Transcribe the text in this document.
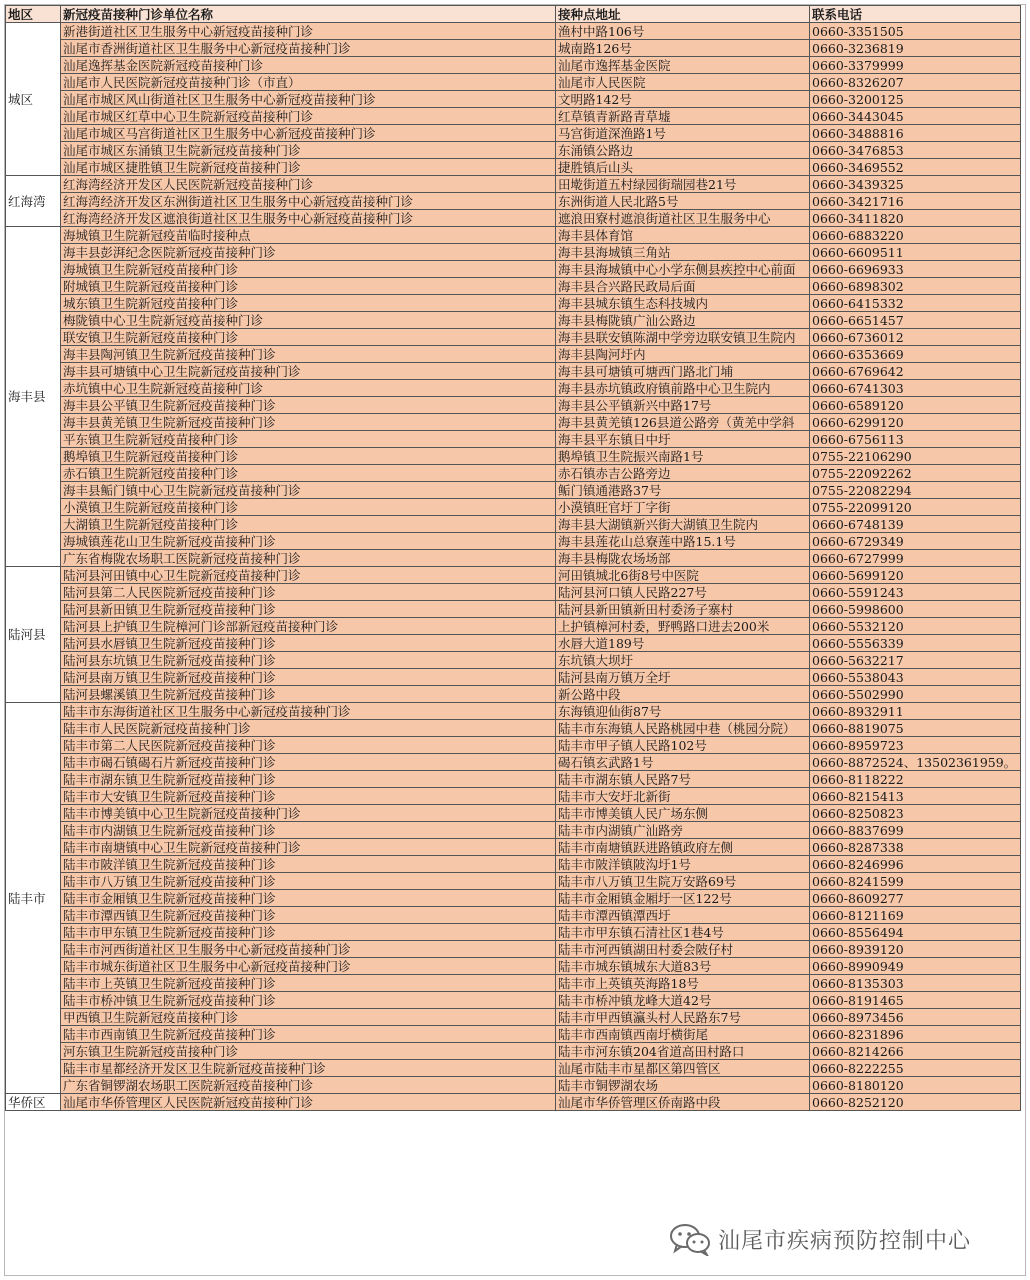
地区	新冠疫苗接种门诊单位名称	接种点地址	联系电话
城区	新港街道社区卫生服务中心新冠疫苗接种门诊	渔村中路106号	0660-3351505
	汕尾市香洲街道社区卫生服务中心新冠疫苗接种门诊	城南路126号	0660-3236819
	汕尾逸挥基金医院新冠疫苗接种门诊	汕尾市逸挥基金医院	0660-3379999
	汕尾市人民医院新冠疫苗接种门诊（市直）	汕尾市人民医院	0660-8326207
	汕尾市城区风山街道社区卫生服务中心新冠疫苗接种门诊	文明路142号	0660-3200125
	汕尾市城区红草中心卫生院新冠疫苗接种门诊	红草镇青新路青草墟	0660-3443045
	汕尾市城区马宫街道社区卫生服务中心新冠疫苗接种门诊	马宫街道深渔路1号	0660-3488816
	汕尾市城区东涌镇卫生院新冠疫苗接种门诊	东涌镇公路边	0660-3476853
	汕尾市城区捷胜镇卫生院新冠疫苗接种门诊	捷胜镇后山头	0660-3469552
红海湾	红海湾经济开发区人民医院新冠疫苗接种门诊	田墘街道五村绿园街瑞园巷21号	0660-3439325
	红海湾经济开发区东洲街道社区卫生服务中心新冠疫苗接种门诊	东洲街道人民北路5号	0660-3421716
	红海湾经济开发区遮浪街道社区卫生服务中心新冠疫苗接种门诊	遮浪田寮村遮浪街道社区卫生服务中心	0660-3411820
海丰县	海城镇卫生院新冠疫苗临时接种点	海丰县体育馆	0660-6883220
	海丰县彭湃纪念医院新冠疫苗接种门诊	海丰县海城镇三角站	0660-6609511
	海城镇卫生院新冠疫苗接种门诊	海丰县海城镇中心小学东侧县疾控中心前面	0660-6696933
	附城镇卫生院新冠疫苗接种门诊	海丰县合兴路民政局后面	0660-6898302
	城东镇卫生院新冠疫苗接种门诊	海丰县城东镇生态科技城内	0660-6415332
	梅陇镇中心卫生院新冠疫苗接种门诊	海丰县梅陇镇广汕公路边	0660-6651457
	联安镇卫生院新冠疫苗接种门诊	海丰县联安镇陈湖中学旁边联安镇卫生院内	0660-6736012
	海丰县陶河镇卫生院新冠疫苗接种门诊	海丰县陶河圩内	0660-6353669
	海丰县可塘镇中心卫生院新冠疫苗接种门诊	海丰县可塘镇可塘西门路北门埔	0660-6769642
	赤坑镇中心卫生院新冠疫苗接种门诊	海丰县赤坑镇政府镇前路中心卫生院内	0660-6741303
	海丰县公平镇卫生院新冠疫苗接种门诊	海丰县公平镇新兴中路17号	0660-6589120
	海丰县黄羌镇卫生院新冠疫苗接种门诊	海丰县黄羌镇126县道公路旁（黄羌中学斜	0660-6299120
	平东镇卫生院新冠疫苗接种门诊	海丰县平东镇日中圩	0660-6756113
	鹅埠镇卫生院新冠疫苗接种门诊	鹅埠镇卫生院振兴南路1号	0755-22106290
	赤石镇卫生院新冠疫苗接种门诊	赤石镇赤吉公路旁边	0755-22092262
	海丰县鲘门镇中心卫生院新冠疫苗接种门诊	鲘门镇通港路37号	0755-22082294
	小漠镇卫生院新冠疫苗接种门诊	小漠镇旺官圩丁字街	0755-22099120
	大湖镇卫生院新冠疫苗接种门诊	海丰县大湖镇新兴街大湖镇卫生院内	0660-6748139
	海城镇莲花山卫生院新冠疫苗接种门诊	海丰县莲花山总寮莲中路15.1号	0660-6729349
	广东省梅陇农场职工医院新冠疫苗接种门诊	海丰县梅陇农场场部	0660-6727999
陆河县	陆河县河田镇中心卫生院新冠疫苗接种门诊	河田镇城北6街8号中医院	0660-5699120
	陆河县第二人民医院新冠疫苗接种门诊	陆河县河口镇人民路227号	0660-5591243
	陆河县新田镇卫生院新冠疫苗接种门诊	陆河县新田镇新田村委汤子寨村	0660-5998600
	陆河县上护镇卫生院樟河门诊部新冠疫苗接种门诊	上护镇樟河村委，野鸭路口进去200米	0660-5532120
	陆河县水唇镇卫生院新冠疫苗接种门诊	水唇大道189号	0660-5556339
	陆河县东坑镇卫生院新冠疫苗接种门诊	东坑镇大坝圩	0660-5632217
	陆河县南万镇卫生院新冠疫苗接种门诊	陆河县南万镇万全圩	0660-5538043
	陆河县螺溪镇卫生院新冠疫苗接种门诊	新公路中段	0660-5502990
陆丰市	陆丰市东海街道社区卫生服务中心新冠疫苗接种门诊	东海镇迎仙街87号	0660-8932911
	陆丰市人民医院新冠疫苗接种门诊	陆丰市东海镇人民路桃园中巷（桃园分院）	0660-8819075
	陆丰市第二人民医院新冠疫苗接种门诊	陆丰市甲子镇人民路102号	0660-8959723
	陆丰市碣石镇碣石片新冠疫苗接种门诊	碣石镇玄武路1号	0660-8872524、13502361959。
	陆丰市湖东镇卫生院新冠疫苗接种门诊	陆丰市湖东镇人民路7号	0660-8118222
	陆丰市大安镇卫生院新冠疫苗接种门诊	陆丰市大安圩北新街	0660-8215413
	陆丰市博美镇中心卫生院新冠疫苗接种门诊	陆丰市博美镇人民广场东侧	0660-8250823
	陆丰市内湖镇卫生院新冠疫苗接种门诊	陆丰市内湖镇广汕路旁	0660-8837699
	陆丰市南塘镇中心卫生院新冠疫苗接种门诊	陆丰市南塘镇跃进路镇政府左侧	0660-8287338
	陆丰市陂洋镇卫生院新冠疫苗接种门诊	陆丰市陂洋镇陂沟圩1号	0660-8246996
	陆丰市八万镇卫生院新冠疫苗接种门诊	陆丰市八万镇卫生院万安路69号	0660-8241599
	陆丰市金厢镇卫生院新冠疫苗接种门诊	陆丰市金厢镇金厢圩一区122号	0660-8609277
	陆丰市潭西镇卫生院新冠疫苗接种门诊	陆丰市潭西镇潭西圩	0660-8121169
	陆丰市甲东镇卫生院新冠疫苗接种门诊	陆丰市甲东镇石清社区1巷4号	0660-8556494
	陆丰市河西街道社区卫生服务中心新冠疫苗接种门诊	陆丰市河西镇湖田村委会陂仔村	0660-8939120
	陆丰市城东街道社区卫生服务中心新冠疫苗接种门诊	陆丰市城东镇城东大道83号	0660-8990949
	陆丰市上英镇卫生院新冠疫苗接种门诊	陆丰市上英镇英海路18号	0660-8135303
	陆丰市桥冲镇卫生院新冠疫苗接种门诊	陆丰市桥冲镇龙峰大道42号	0660-8191465
	甲西镇卫生院新冠疫苗接种门诊	陆丰市甲西镇瀛头村人民路东7号	0660-8973456
	陆丰市西南镇卫生院新冠疫苗接种门诊	陆丰市西南镇西南圩横街尾	0660-8231896
	河东镇卫生院新冠疫苗接种门诊	陆丰市河东镇204省道高田村路口	0660-8214266
	陆丰市星都经济开发区卫生院新冠疫苗接种门诊	汕尾市陆丰市星都区第四管区	0660-8222255
	广东省铜锣湖农场职工医院新冠疫苗接种门诊	陆丰市铜锣湖农场	0660-8180120
华侨区	汕尾市华侨管理区人民医院新冠疫苗接种门诊	汕尾市华侨管理区侨南路中段	0660-8252120
汕尾市疾病预防控制中心
